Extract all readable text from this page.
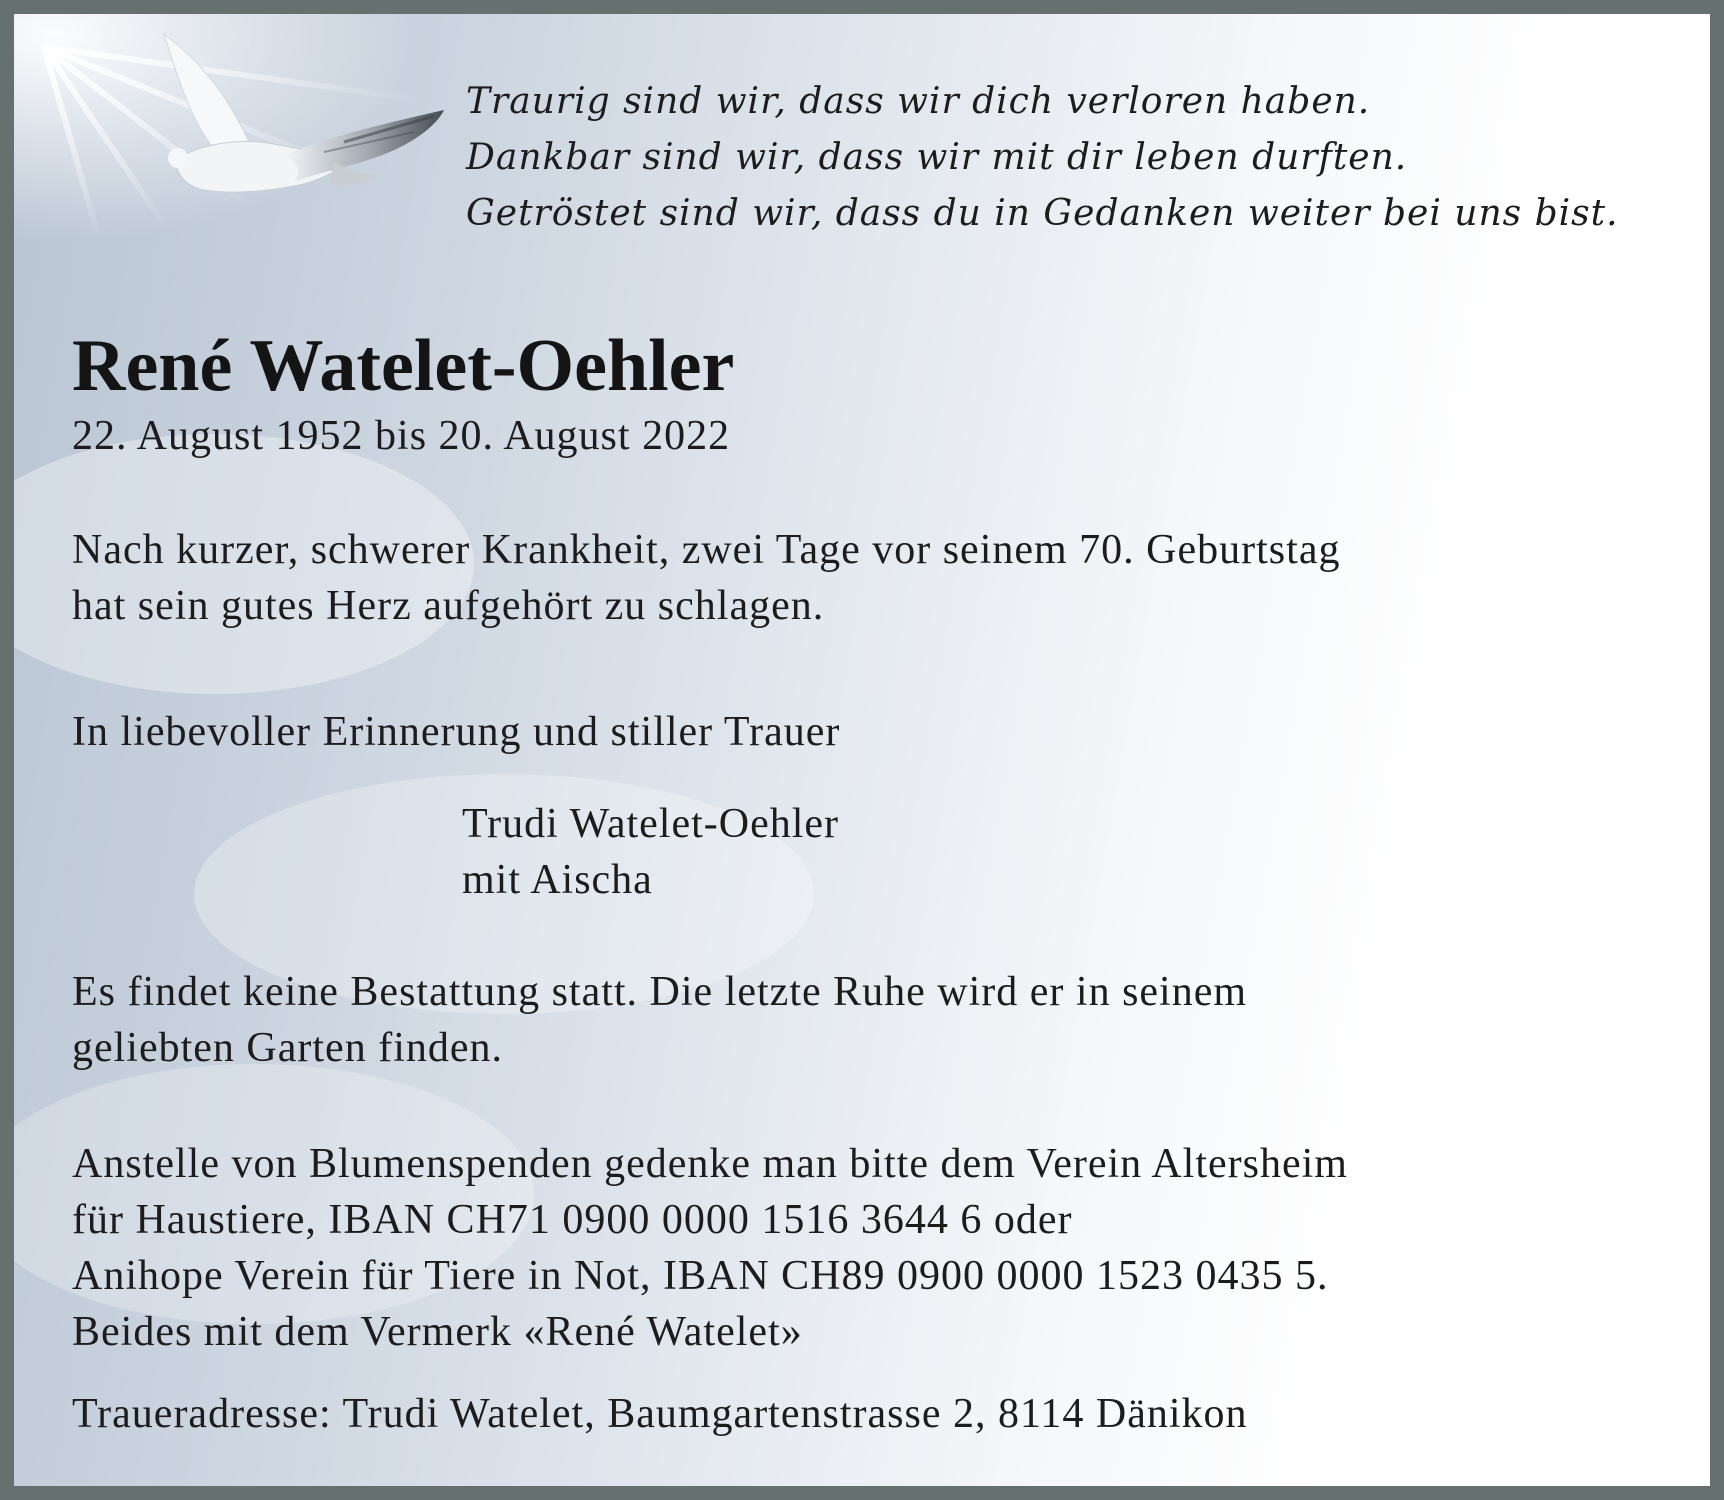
Traurig sind wir, dass wir dich verloren haben.
Dankbar sind wir, dass wir mit dir leben durften.
Getröstet sind wir, dass du in Gedanken weiter bei uns bist.
René Watelet-Oehler
22. August 1952 bis 20. August 2022
Nach kurzer, schwerer Krankheit, zwei Tage vor seinem 70. Geburtstag
hat sein gutes Herz aufgehört zu schlagen.
In liebevoller Erinnerung und stiller Trauer
Trudi Watelet-Oehler
mit Aischa
Es findet keine Bestattung statt. Die letzte Ruhe wird er in seinem
geliebten Garten finden.
Anstelle von Blumenspenden gedenke man bitte dem Verein Altersheim
für Haustiere, IBAN CH71 0900 0000 1516 3644 6 oder
Anihope Verein für Tiere in Not, IBAN CH89 0900 0000 1523 0435 5.
Beides mit dem Vermerk «René Watelet»
Traueradresse: Trudi Watelet, Baumgartenstrasse 2, 8114 Dänikon
